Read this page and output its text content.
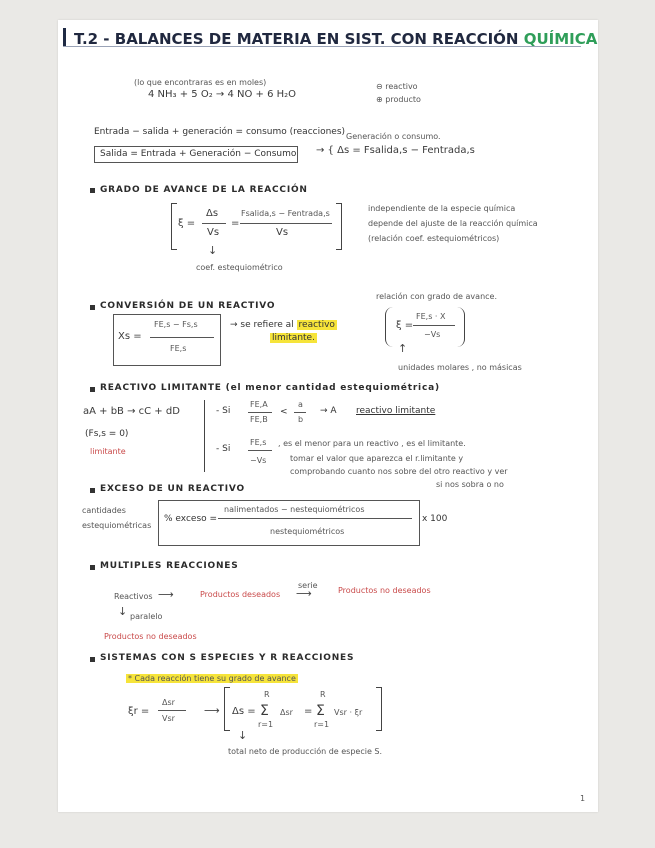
T.2 - BALANCES DE MATERIA EN SIST. CON REACCIÓN QUÍMICA
(lo que encontraras es en moles)
4 NH₃ + 5 O₂ → 4 NO + 6 H₂O
⊖ reactivo
⊕ producto
Entrada − salida + generación = consumo (reacciones) Generación o consumo.
Salida = Entrada + Generación − Consumo → { Δs = Fsalida,s − Fentrada,s
GRADO DE AVANCE DE LA REACCIÓN
ξ =
Δs
Vs
=
Fsalida,s − Fentrada,s
Vs
↓
coef. estequiométrico
independiente de la especie química
depende del ajuste de la reacción química
(relación coef. estequiométricos)
CONVERSIÓN DE UN REACTIVO
Xs =
FE,s − Fs,s
FE,s
→ se refiere al reactivo
limitante.
relación con grado de avance.
ξ =
FE,s · X
−Vs
↑
unidades molares , no másicas
REACTIVO LIMITANTE (el menor cantidad estequiométrica)
aA + bB → cC + dD
(Fs,s = 0)
limitante
- Si
FE,A
FE,B
<
a
b
→ A reactivo limitante
- Si
FE,s
−Vs
, es el menor para un reactivo , es el limitante.
tomar el valor que aparezca el r.limitante y
comprobando cuanto nos sobre del otro reactivo y ver
si nos sobra o no
EXCESO DE UN REACTIVO
cantidades
estequiométricas
% exceso =
nalimentados − nestequiométricos
nestequiométricos
x 100
MULTIPLES REACCIONES
Reactivos ⟶	Productos deseados
serie
⟶	Productos no deseados
↓ paralelo
Productos no deseados
SISTEMAS CON S ESPECIES Y R REACCIONES
* Cada reacción tiene su grado de avance
ξr =
Δsr
Vsr
⟶ Δs =
R
Σ
r=1
Δsr =
R
Σ
r=1
Vsr · ξr
↓
total neto de producción de especie S.
1
